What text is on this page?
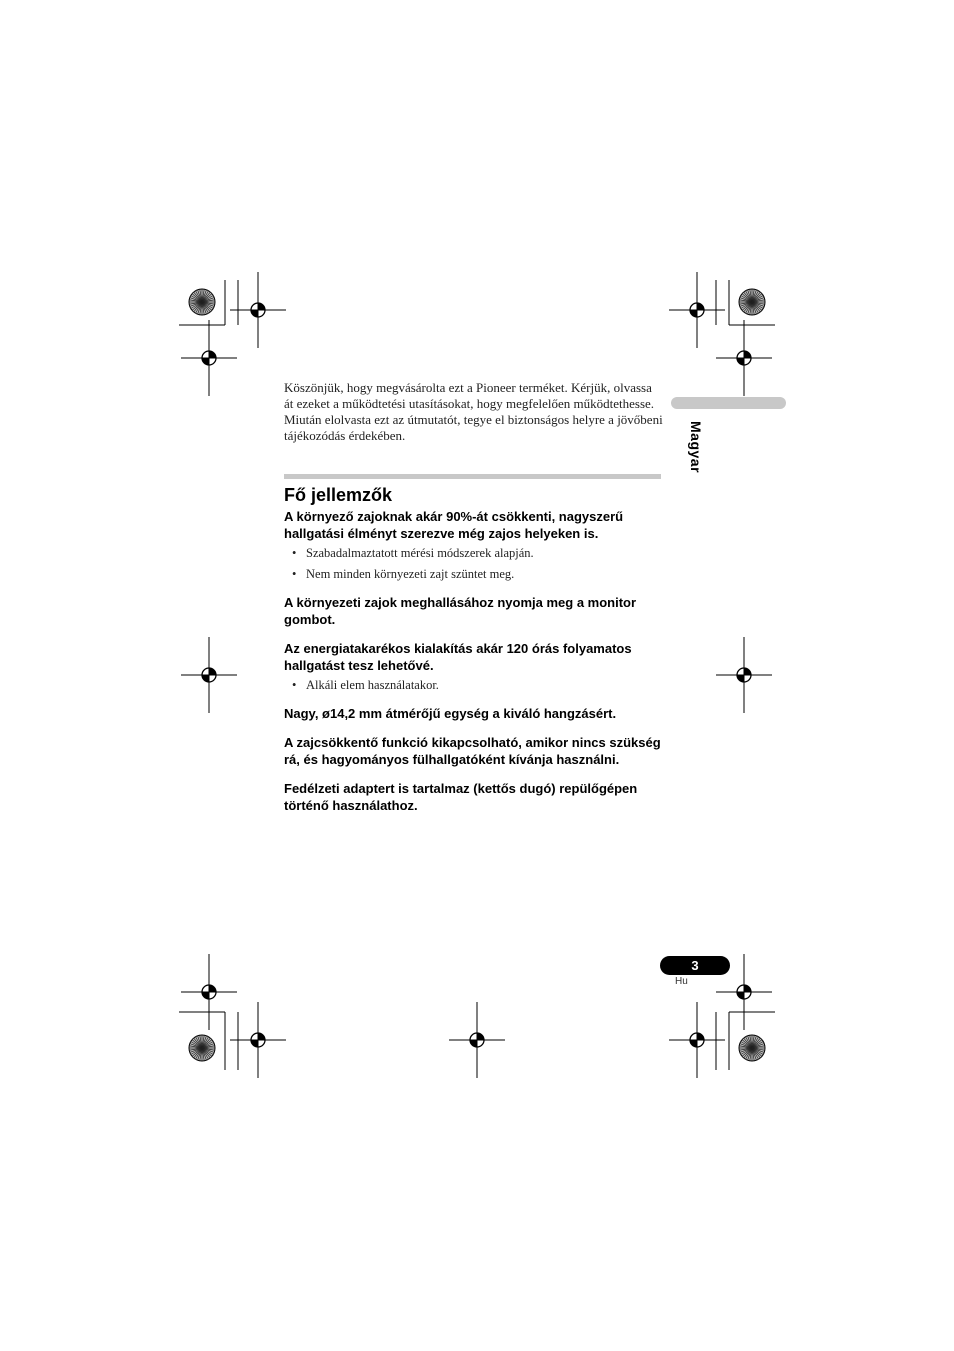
Köszönjük, hogy megvásárolta ezt a Pioneer terméket. Kérjük, olvassa át ezeket a működtetési utasításokat, hogy megfelelően működtethesse. Miután elolvasta ezt az útmutatót, tegye el biztonságos helyre a jövőbeni tájékozódás érdekében.
Fő jellemzők

A környező zajoknak akár 90%-át csökkenti, nagyszerű hallgatási élményt szerezve még zajos helyeken is.

• Szabadalmaztatott mérési módszerek alapján.
• Nem minden környezeti zajt szüntet meg.

A környezeti zajok meghallásához nyomja meg a monitor gombot.

Az energiatakarékos kialakítás akár 120 órás folyamatos hallgatást tesz lehetővé.

• Alkáli elem használatakor.

Nagy, ø14,2 mm átmérőjű egység a kiváló hangzásért.

A zajcsökkentő funkció kikapcsolható, amikor nincs szükség rá, és hagyományos fülhallgatóként kívánja használni.

Fedélzeti adaptert is tartalmaz (kettős dugó) repülőgépen történő használathoz.

Magyar
3
Hu
